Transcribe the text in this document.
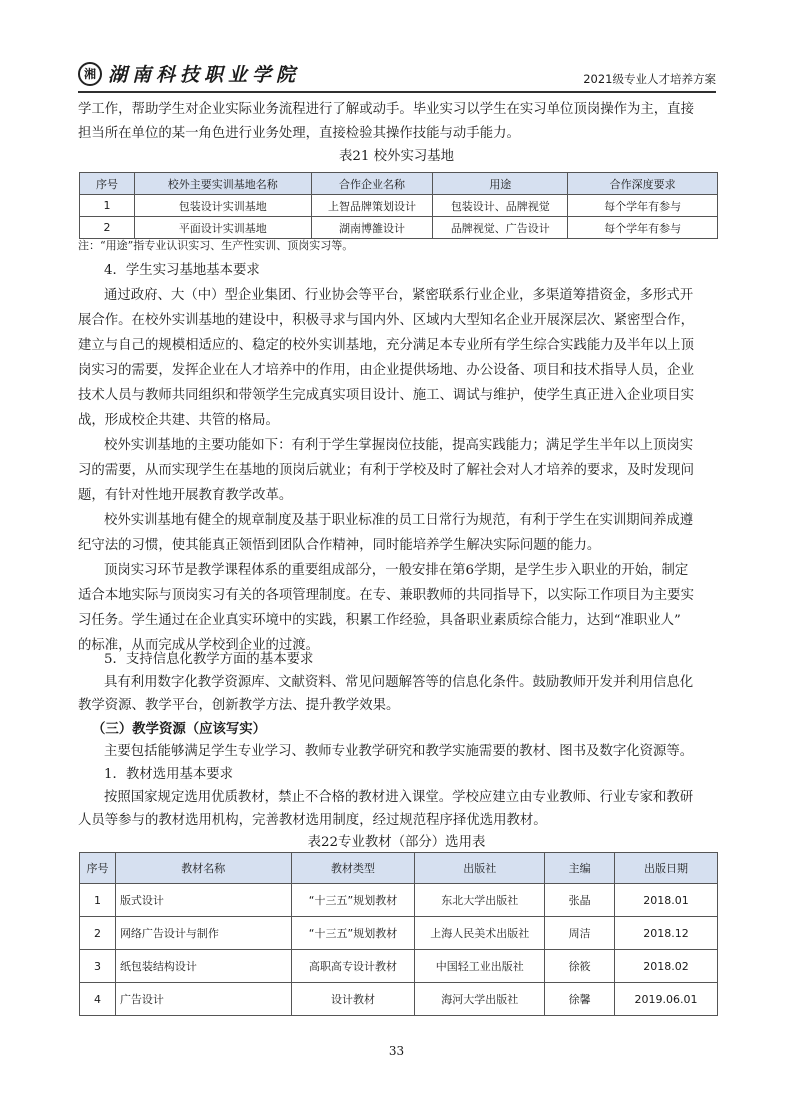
湘 湖南科技职业学院	2021级专业人才培养方案
学工作，帮助学生对企业实际业务流程进行了解或动手。毕业实习以学生在实习单位顶岗操作为主，直接
担当所在单位的某一角色进行业务处理，直接检验其操作技能与动手能力。
表21 校外实习基地
序号	校外主要实训基地名称	合作企业名称	用途	合作深度要求
1	包装设计实训基地	上智品牌策划设计	包装设计、品牌视觉	每个学年有参与
2	平面设计实训基地	湖南博雒设计	品牌视觉、广告设计	每个学年有参与
注：“用途”指专业认识实习、生产性实训、顶岗实习等。
4．学生实习基地基本要求
通过政府、大（中）型企业集团、行业协会等平台，紧密联系行业企业，多渠道筹措资金，多形式开
展合作。在校外实训基地的建设中，积极寻求与国内外、区域内大型知名企业开展深层次、紧密型合作，
建立与自己的规模相适应的、稳定的校外实训基地，充分满足本专业所有学生综合实践能力及半年以上顶
岗实习的需要，发挥企业在人才培养中的作用，由企业提供场地、办公设备、项目和技术指导人员，企业
技术人员与教师共同组织和带领学生完成真实项目设计、施工、调试与维护，使学生真正进入企业项目实
战，形成校企共建、共管的格局。
校外实训基地的主要功能如下：有利于学生掌握岗位技能，提高实践能力；满足学生半年以上顶岗实
习的需要，从而实现学生在基地的顶岗后就业；有利于学校及时了解社会对人才培养的要求，及时发现问
题，有针对性地开展教育教学改革。
校外实训基地有健全的规章制度及基于职业标准的员工日常行为规范，有利于学生在实训期间养成遵
纪守法的习惯，使其能真正领悟到团队合作精神，同时能培养学生解决实际问题的能力。
顶岗实习环节是教学课程体系的重要组成部分，一般安排在第6学期，是学生步入职业的开始，制定
适合本地实际与顶岗实习有关的各项管理制度。在专、兼职教师的共同指导下，以实际工作项目为主要实
习任务。学生通过在企业真实环境中的实践，积累工作经验，具备职业素质综合能力，达到“准职业人”
的标准，从而完成从学校到企业的过渡。
5．支持信息化教学方面的基本要求
具有利用数字化教学资源库、文献资料、常见问题解答等的信息化条件。鼓励教师开发并利用信息化
教学资源、教学平台，创新教学方法、提升教学效果。
（三）教学资源（应该写实）
主要包括能够满足学生专业学习、教师专业教学研究和教学实施需要的教材、图书及数字化资源等。
1．教材选用基本要求
按照国家规定选用优质教材，禁止不合格的教材进入课堂。学校应建立由专业教师、行业专家和教研
人员等参与的教材选用机构，完善教材选用制度，经过规范程序择优选用教材。
序号	教材名称	教材类型	出版社	主编	出版日期
1	版式设计	“十三五”规划教材	东北大学出版社	张晶	2018.01
2	网络广告设计与制作	“十三五”规划教材	上海人民美术出版社	周洁	2018.12
3	纸包装结构设计	高职高专设计教材	中国轻工业出版社	徐筱	2018.02
4	广告设计	设计教材	海河大学出版社	徐馨	2019.06.01
33
表22专业教材（部分）选用表
